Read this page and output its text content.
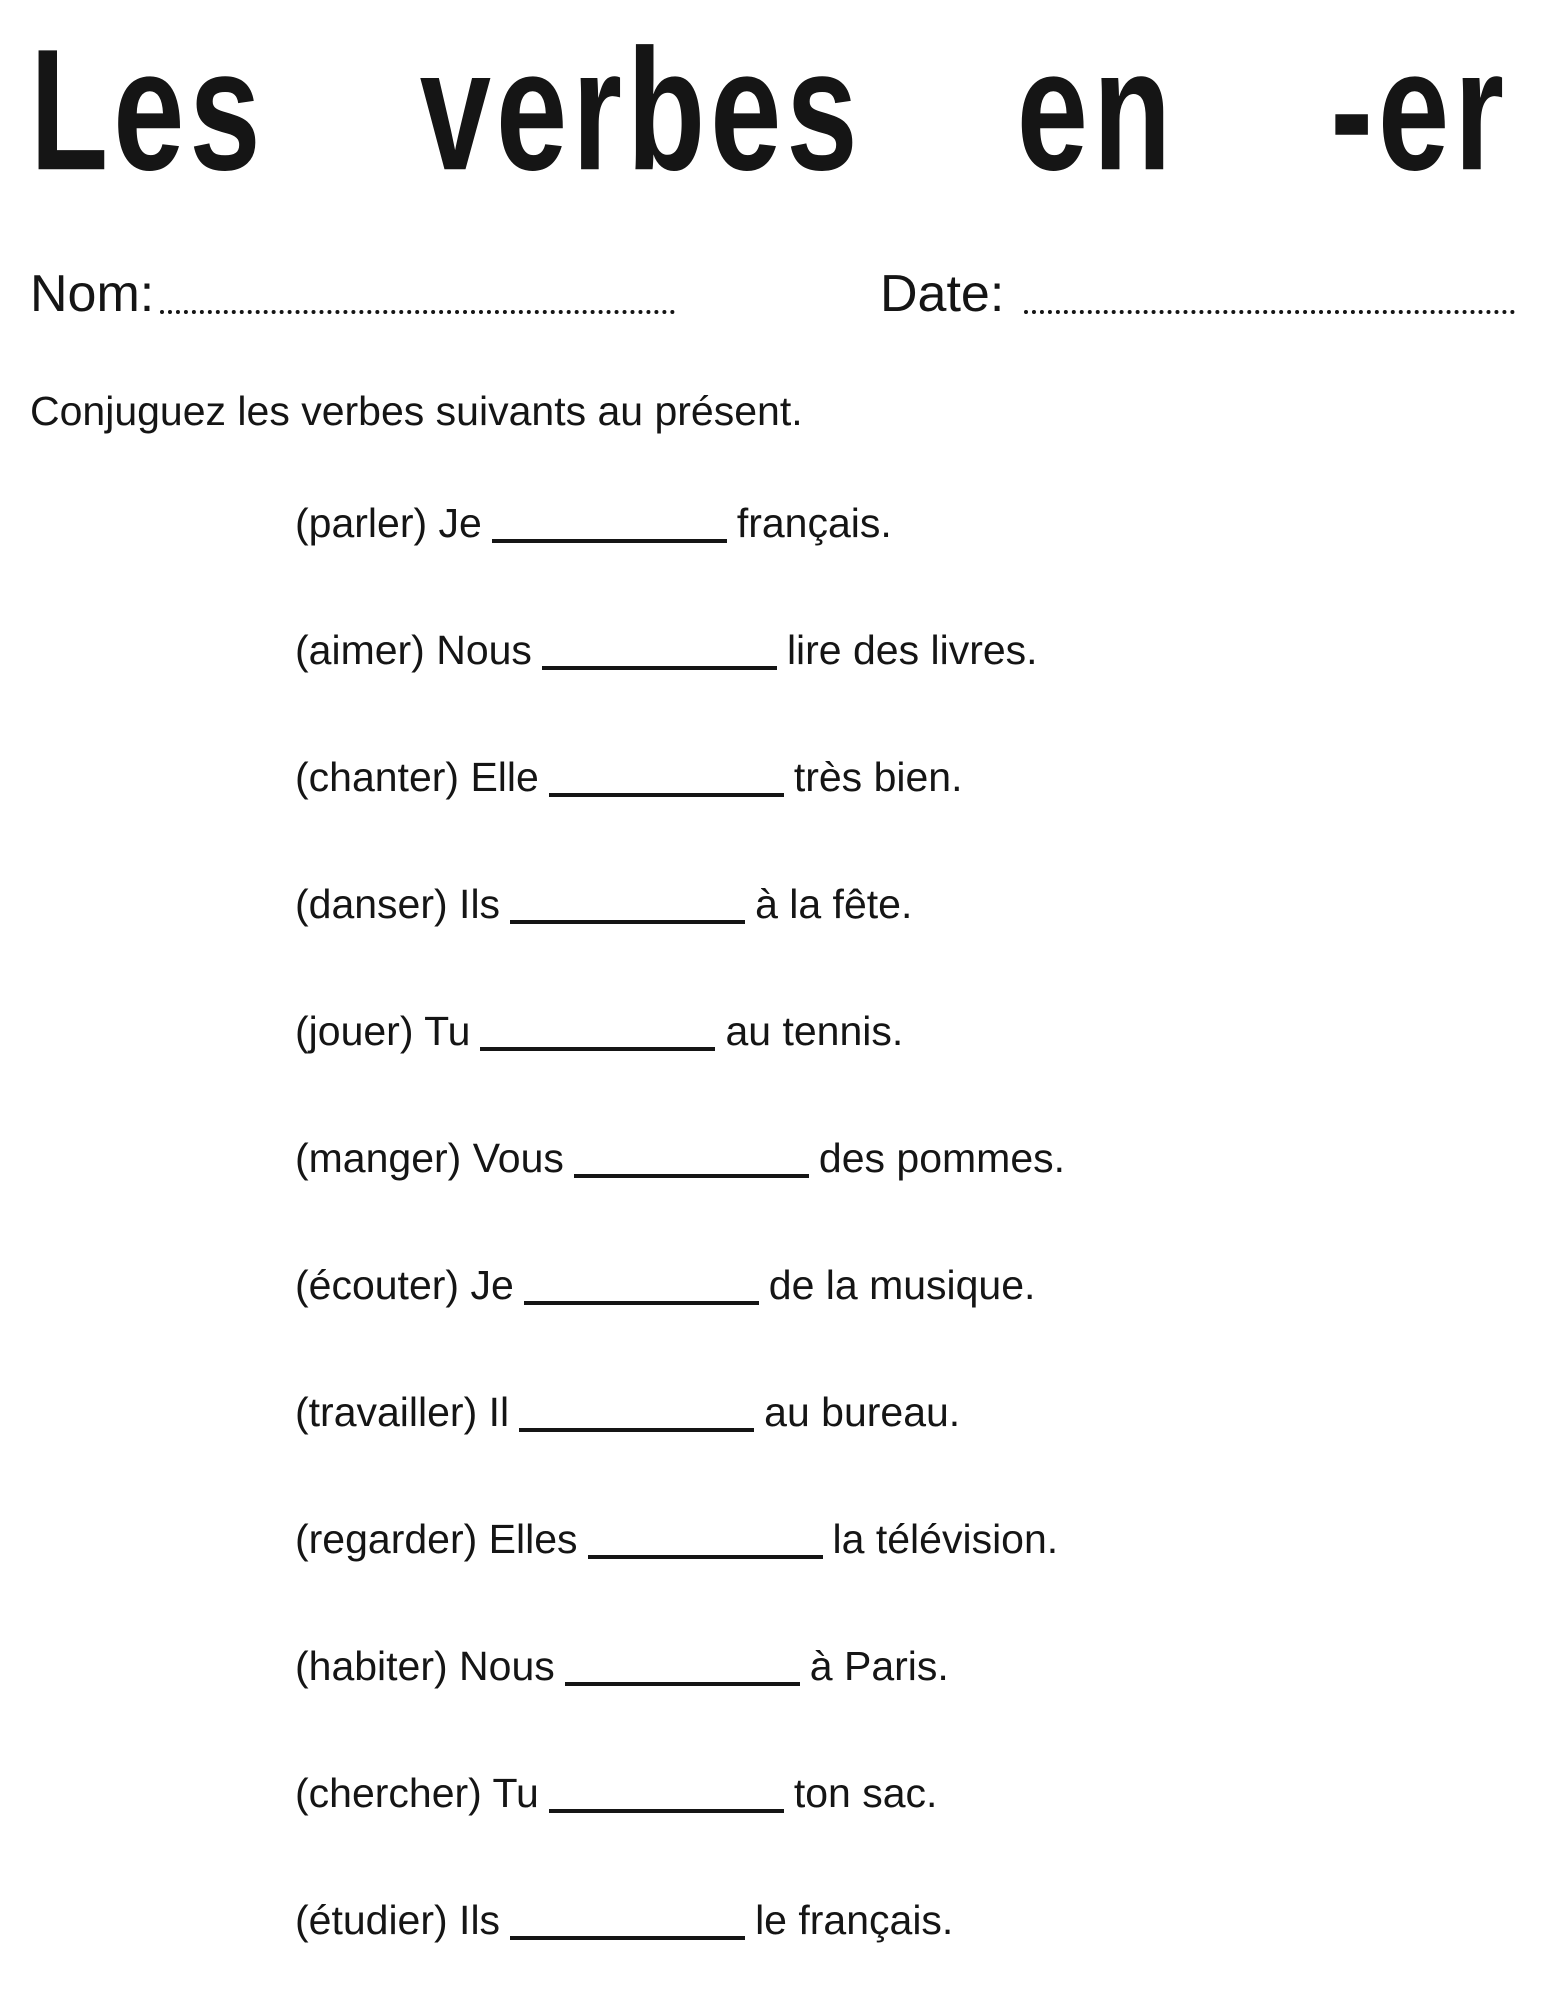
Les verbes en -er
Nom:	Date:
Conjuguez les verbes suivants au présent.
(parler) Je	français.
(aimer) Nous	lire des livres.
(chanter) Elle	très bien.
(danser) Ils	à la fête.
(jouer) Tu	au tennis.
(manger) Vous	des pommes.
(écouter) Je	de la musique.
(travailler) Il	au bureau.
(regarder) Elles	la télévision.
(habiter) Nous	à Paris.
(chercher) Tu	ton sac.
(étudier) Ils	le français.
